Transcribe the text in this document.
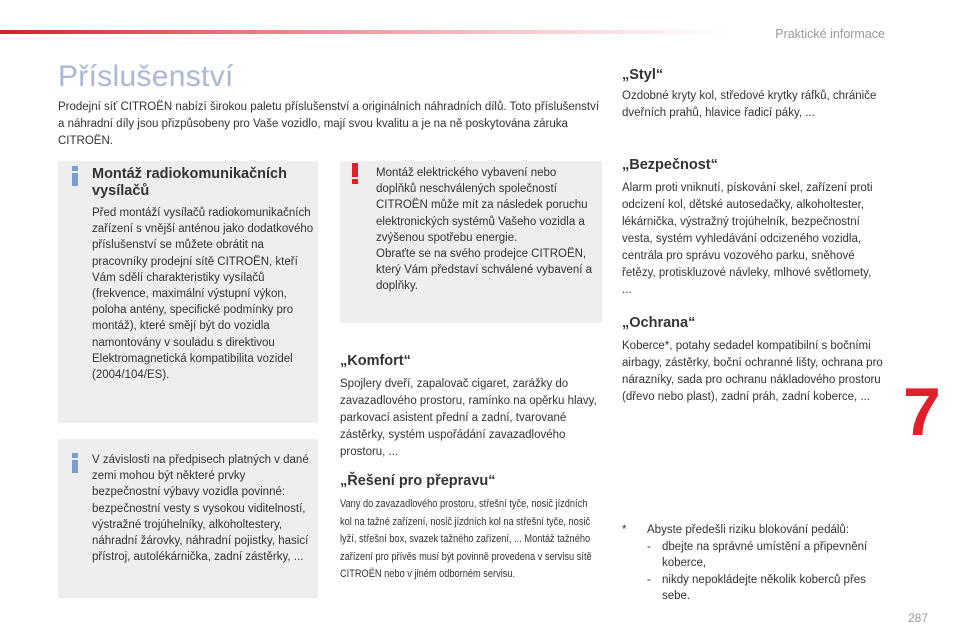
Praktické informace
Příslušenství
Prodejní síť CITROËN nabízí širokou paletu příslušenství a originálních náhradních dílů. Toto příslušenství a náhradní díly jsou přizpůsobeny pro Vaše vozidlo, mají svou kvalitu a je na ně poskytována záruka CITROËN.
Montáž radiokomunikačních vysílačů
Před montáží vysílačů radiokomunikačních zařízení s vnější anténou jako dodatkového příslušenství se můžete obrátit na pracovníky prodejní sítě CITROËN, kteří Vám sdělí charakteristiky vysílačů (frekvence, maximální výstupní výkon, poloha antény, specifické podmínky pro montáž), které smějí být do vozidla namontovány v souladu s direktivou Elektromagnetická kompatibilita vozidel (2004/104/ES).
V závislosti na předpisech platných v dané zemi mohou být některé prvky bezpečnostní výbavy vozidla povinné: bezpečnostní vesty s vysokou viditelností, výstražné trojúhelníky, alkoholtestery, náhradní žárovky, náhradní pojistky, hasicí přístroj, autolékárnička, zadní zástěrky, ...
Montáž elektrického vybavení nebo doplňků neschválených společností CITROËN může mít za následek poruchu elektronických systémů Vašeho vozidla a zvýšenou spotřebu energie.
Obraťte se na svého prodejce CITROËN, který Vám představí schválené vybavení a doplňky.
„Komfort“
Spojlery dveří, zapalovač cigaret, zarážky do zavazadlového prostoru, ramínko na opěrku hlavy, parkovací asistent přední a zadní, tvarované zástěrky, systém uspořádání zavazadlového prostoru, ...
„Řešení pro přepravu“
Vany do zavazadlového prostoru, střešní tyče, nosič jízdních kol na tažné zařízení, nosič jízdních kol na střešní tyče, nosič lyží, střešní box, svazek tažného zařízení, ... Montáž tažného zařízení pro přívěs musí být povinně provedena v servisu sítě CITROËN nebo v jiném odborném servisu.
„Styl“
Ozdobné kryty kol, středové krytky ráfků, chrániče dveřních prahů, hlavice řadicí páky, ...
„Bezpečnost“
Alarm proti vniknutí, pískování skel, zařízení proti odcizení kol, dětské autosedačky, alkoholtester, lékárnička, výstražný trojúhelník, bezpečnostní vesta, systém vyhledávání odcizeného vozidla, centrála pro správu vozového parku, sněhové řetězy, protiskluzové návleky, mlhové světlomety, ...
„Ochrana“
Koberce*, potahy sedadel kompatibilní s bočními airbagy, zástěrky, boční ochranné lišty, ochrana pro nárazníky, sada pro ochranu nákladového prostoru (dřevo nebo plast), zadní práh, zadní koberce, ... 7
* Abyste předešli riziku blokování pedálů:
- dbejte na správné umístění a připevnění koberce,
- nikdy nepokládejte několik koberců přes sebe.
287
